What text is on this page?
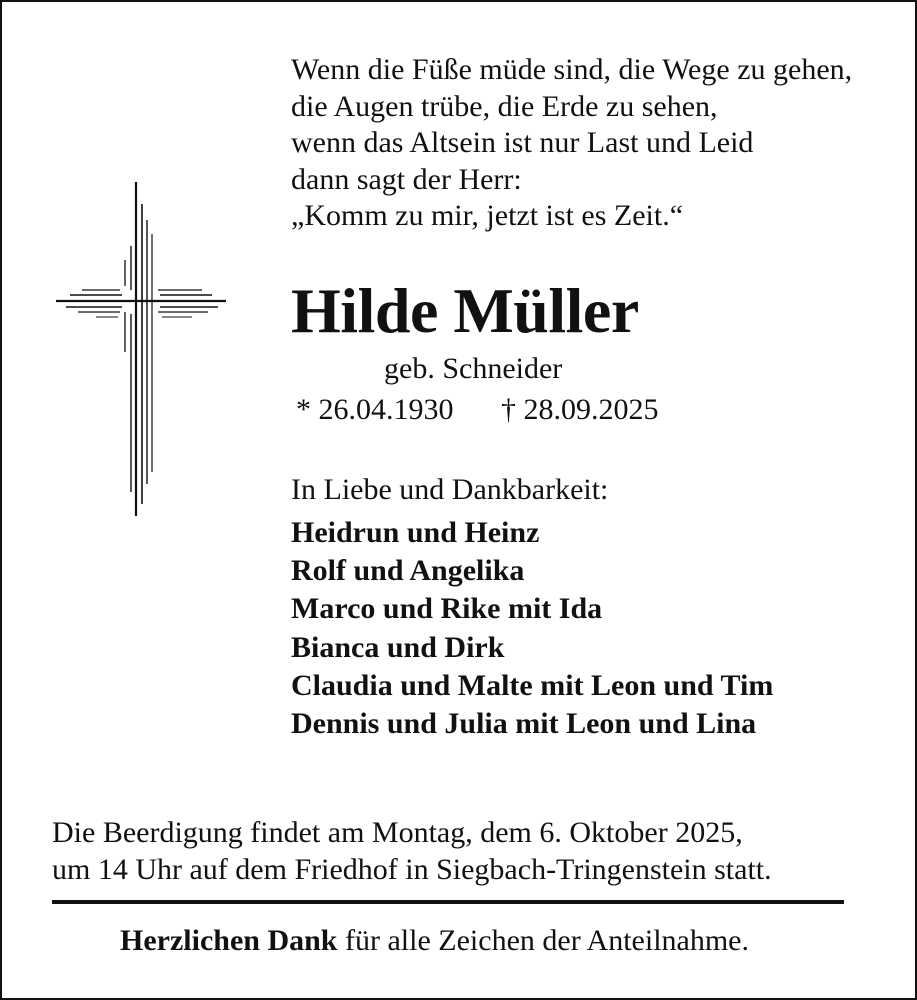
Wenn die Füße müde sind, die Wege zu gehen,
die Augen trübe, die Erde zu sehen,
wenn das Altsein ist nur Last und Leid
dann sagt der Herr:
„Komm zu mir, jetzt ist es Zeit.“
Hilde Müller
geb. Schneider
* 26.04.1930 † 28.09.2025
In Liebe und Dankbarkeit:
Heidrun und Heinz
Rolf und Angelika
Marco und Rike mit Ida
Bianca und Dirk
Claudia und Malte mit Leon und Tim
Dennis und Julia mit Leon und Lina
Die Beerdigung findet am Montag, dem 6. Oktober 2025,
um 14 Uhr auf dem Friedhof in Siegbach-Tringenstein statt.
Herzlichen Dank für alle Zeichen der Anteilnahme.
